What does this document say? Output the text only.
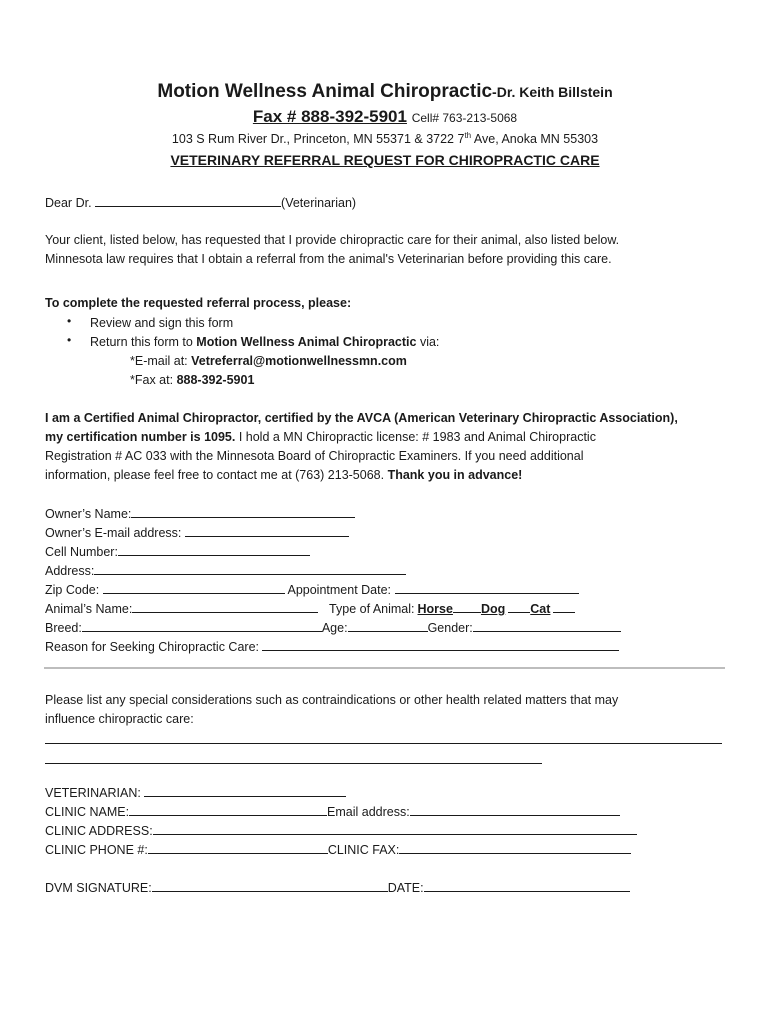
Motion Wellness Animal Chiropractic-Dr. Keith Billstein
Fax # 888-392-5901 Cell# 763-213-5068
103 S Rum River Dr., Princeton, MN 55371 & 3722 7th Ave, Anoka MN 55303
VETERINARY REFERRAL REQUEST FOR CHIROPRACTIC CARE
Dear Dr.	(Veterinarian)
Your client, listed below, has requested that I provide chiropractic care for their animal, also listed below.
Minnesota law requires that I obtain a referral from the animal's Veterinarian before providing this care.
To complete the requested referral process, please:
• Review and sign this form
• Return this form to Motion Wellness Animal Chiropractic via:
*E-mail at: Vetreferral@motionwellnessmn.com
*Fax at: 888-392-5901
I am a Certified Animal Chiropractor, certified by the AVCA (American Veterinary Chiropractic Association),
my certification number is 1095. I hold a MN Chiropractic license: # 1983 and Animal Chiropractic
Registration # AC 033 with the Minnesota Board of Chiropractic Examiners. If you need additional
information, please feel free to contact me at (763) 213-5068. Thank you in advance!
Owner’s Name:
Owner’s E-mail address:
Cell Number:
Address:
Zip Code:	Appointment Date:
Animal’s Name:	Type of Animal: Horse Dog Cat
Breed:	Age:	Gender:
Reason for Seeking Chiropractic Care:
Please list any special considerations such as contraindications or other health related matters that may
influence chiropractic care:
VETERINARIAN:
CLINIC NAME:	Email address:
CLINIC ADDRESS:
CLINIC PHONE #:	CLINIC FAX:
DVM SIGNATURE:	DATE:
